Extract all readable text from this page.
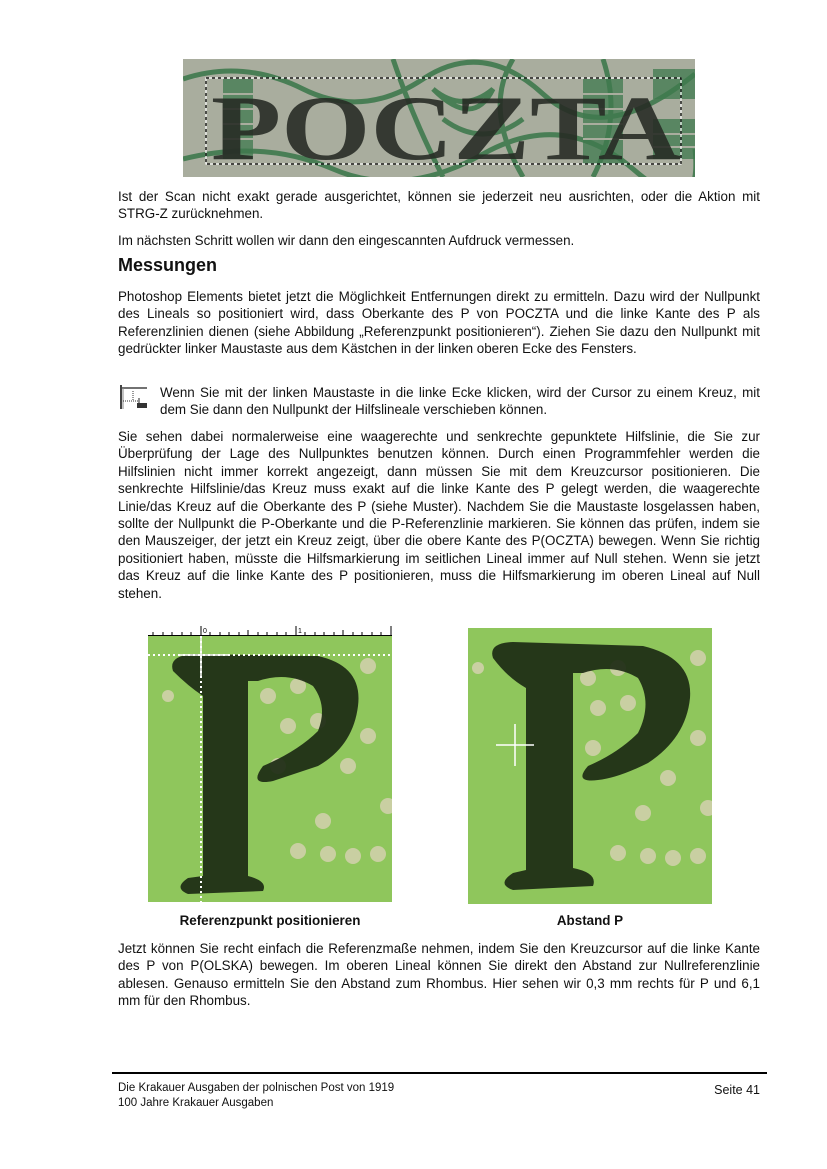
POCZTA
Ist der Scan nicht exakt gerade ausgerichtet, können sie jederzeit neu ausrichten, oder die Aktion mit STRG-Z zurücknehmen.
Im nächsten Schritt wollen wir dann den eingescannten Aufdruck vermessen.
Messungen
Photoshop Elements bietet jetzt die Möglichkeit Entfernungen direkt zu ermitteln. Dazu wird der Nullpunkt des Lineals so positioniert wird, dass Oberkante des P von POCZTA und die linke Kante des P als Referenzlinien dienen (siehe Abbildung „Referenzpunkt positionieren“). Ziehen Sie dazu den Nullpunkt mit gedrückter linker Maustaste aus dem Kästchen in der linken oberen Ecke des Fensters.
Wenn Sie mit der linken Maustaste in die linke Ecke klicken, wird der Cursor zu einem Kreuz, mit dem Sie dann den Nullpunkt der Hilfslineale verschieben können.
Sie sehen dabei normalerweise eine waagerechte und senkrechte gepunktete Hilfslinie, die Sie zur Überprüfung der Lage des Nullpunktes benutzen können. Durch einen Programmfehler werden die Hilfslinien nicht immer korrekt angezeigt, dann müssen Sie mit dem Kreuzcursor positionieren. Die senkrechte Hilfslinie/das Kreuz muss exakt auf die linke Kante des P gelegt werden, die waagerechte Linie/das Kreuz auf die Oberkante des P (siehe Muster). Nachdem Sie die Maustaste losgelassen haben, sollte der Nullpunkt die P-Oberkante und die P-Referenzlinie markieren. Sie können das prüfen, indem sie den Mauszeiger, der jetzt ein Kreuz zeigt, über die obere Kante des P(OCZTA) bewegen. Wenn Sie richtig positioniert haben, müsste die Hilfsmarkierung im seitlichen Lineal immer auf Null stehen. Wenn sie jetzt das Kreuz auf die linke Kante des P positionieren, muss die Hilfsmarkierung im oberen Lineal auf Null stehen.
0	1
Referenzpunkt positionieren	Abstand P
Jetzt können Sie recht einfach die Referenzmaße nehmen, indem Sie den Kreuzcursor auf die linke Kante des P von P(OLSKA) bewegen. Im oberen Lineal können Sie direkt den Abstand zur Nullreferenzlinie ablesen. Genauso ermitteln Sie den Abstand zum Rhombus. Hier sehen wir 0,3 mm rechts für P und 6,1 mm für den Rhombus.
Die Krakauer Ausgaben der polnischen Post von 1919
100 Jahre Krakauer Ausgaben
Seite 41
